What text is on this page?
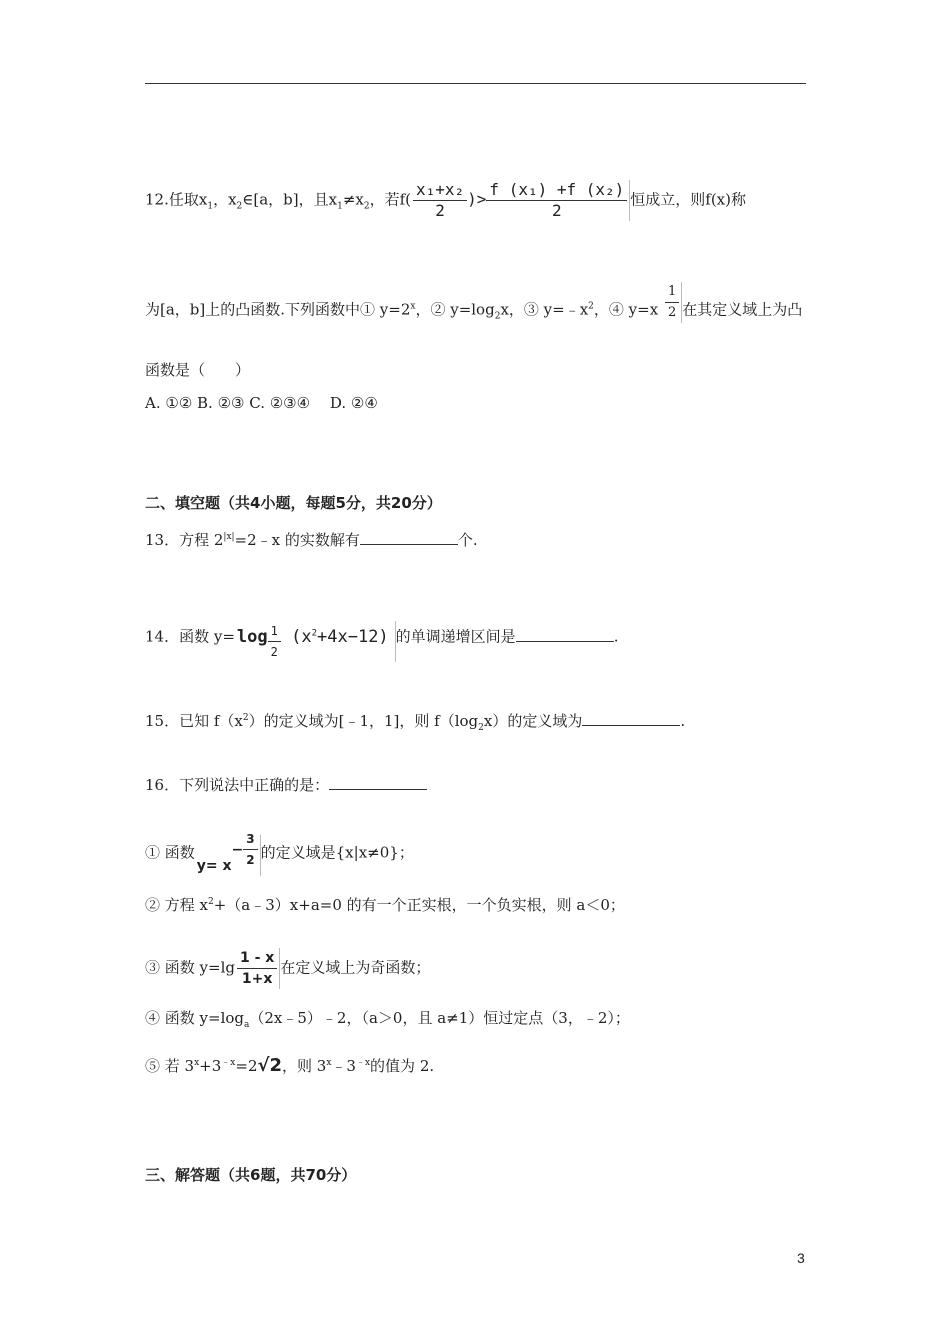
12.任取$x_1$，$x_2\in[a$，b]，且$x_1\ne x_2$，若$f( \frac{\text{x₁+x₂}}{2}$ )> $\frac{\text{f (x₁) +f (x₂)}}{2}$ 恒成立，则f(x)称
为[a，b]上的凸函数.下列函数中① $y=2^x$，② $y=\log_2x$，③ $y=﹣x^2$，④ $y=x \frac{1}{2}$ 在其定义域上为凸
函数是（　　）
A. ①② B. ②③ C. ②③④　 D. ②④
二、填空题（共4小题，每题5分，共20分）
13．方程 $2^{|x|}=2﹣x$ 的实数解有	个.
14．函数 $y= \log \frac{1}{2} (x^2+4x-12)$ 的单调递增区间是	.
15．已知 $f(x^2)$的定义域为[﹣1，1]，则 $f(\log_2x)$的定义域为	.
16．下列说法中正确的是：
① 函数$y= x- \frac{3}{2}$ 的定义域是{x|x≠0}；
② 方程 $x^2+(a﹣3)x+a=0$ 的有一个正实根，一个负实根，则 a＜0；
③ 函数 $y=\lg \frac{1 - x}{1+x}$ 在定义域上为奇函数；
④ 函数 $y=\log_a(2x﹣5)﹣2$，（a＞0，且 a≠1）恒过定点（3，﹣2）；
⑤ 若 $3^x+3^{﹣x}=2√2$，则 $3^x﹣3^{﹣x}$的值为 2.
三、解答题（共6题，共70分）
3
